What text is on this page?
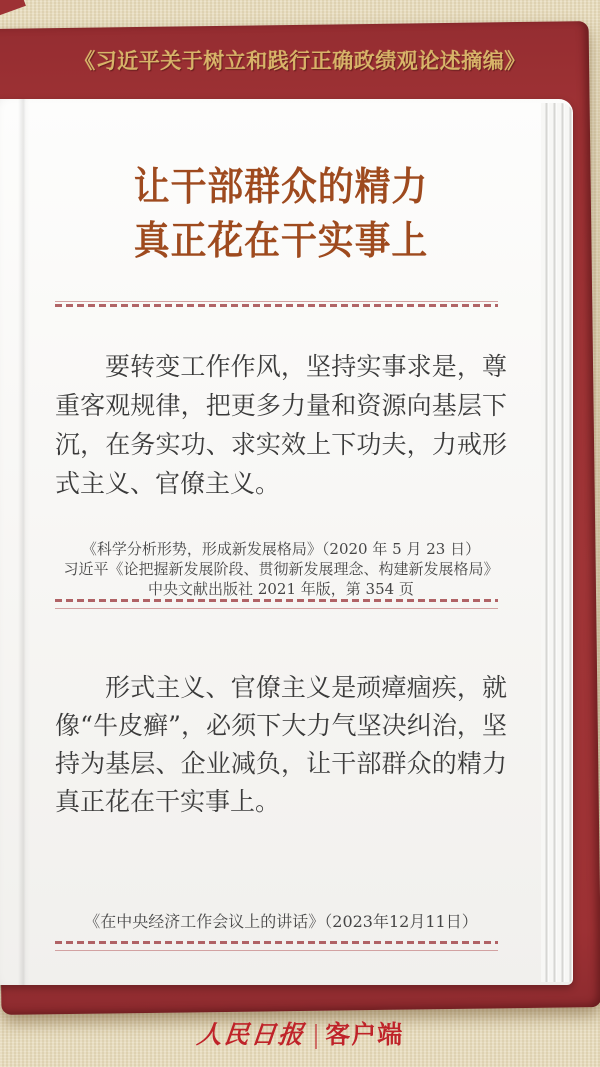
《习近平关于树立和践行正确政绩观论述摘编》
让干部群众的精力
真正花在干实事上

要转变工作作风，坚持实事求是，尊重客观规律，把更多力量和资源向基层下沉，在务实功、求实效上下功夫，力戒形式主义、官僚主义。

《科学分析形势，形成新发展格局》（2020 年 5 月 23 日）
习近平《论把握新发展阶段、贯彻新发展理念、构建新发展格局》
中央文献出版社 2021 年版，第 354 页

形式主义、官僚主义是顽瘴痼疾，就像“牛皮癣”，必须下大力气坚决纠治，坚持为基层、企业减负，让干部群众的精力真正花在干实事上。

《在中央经济工作会议上的讲话》（2023年12月11日）
人民日报 | 客户端
